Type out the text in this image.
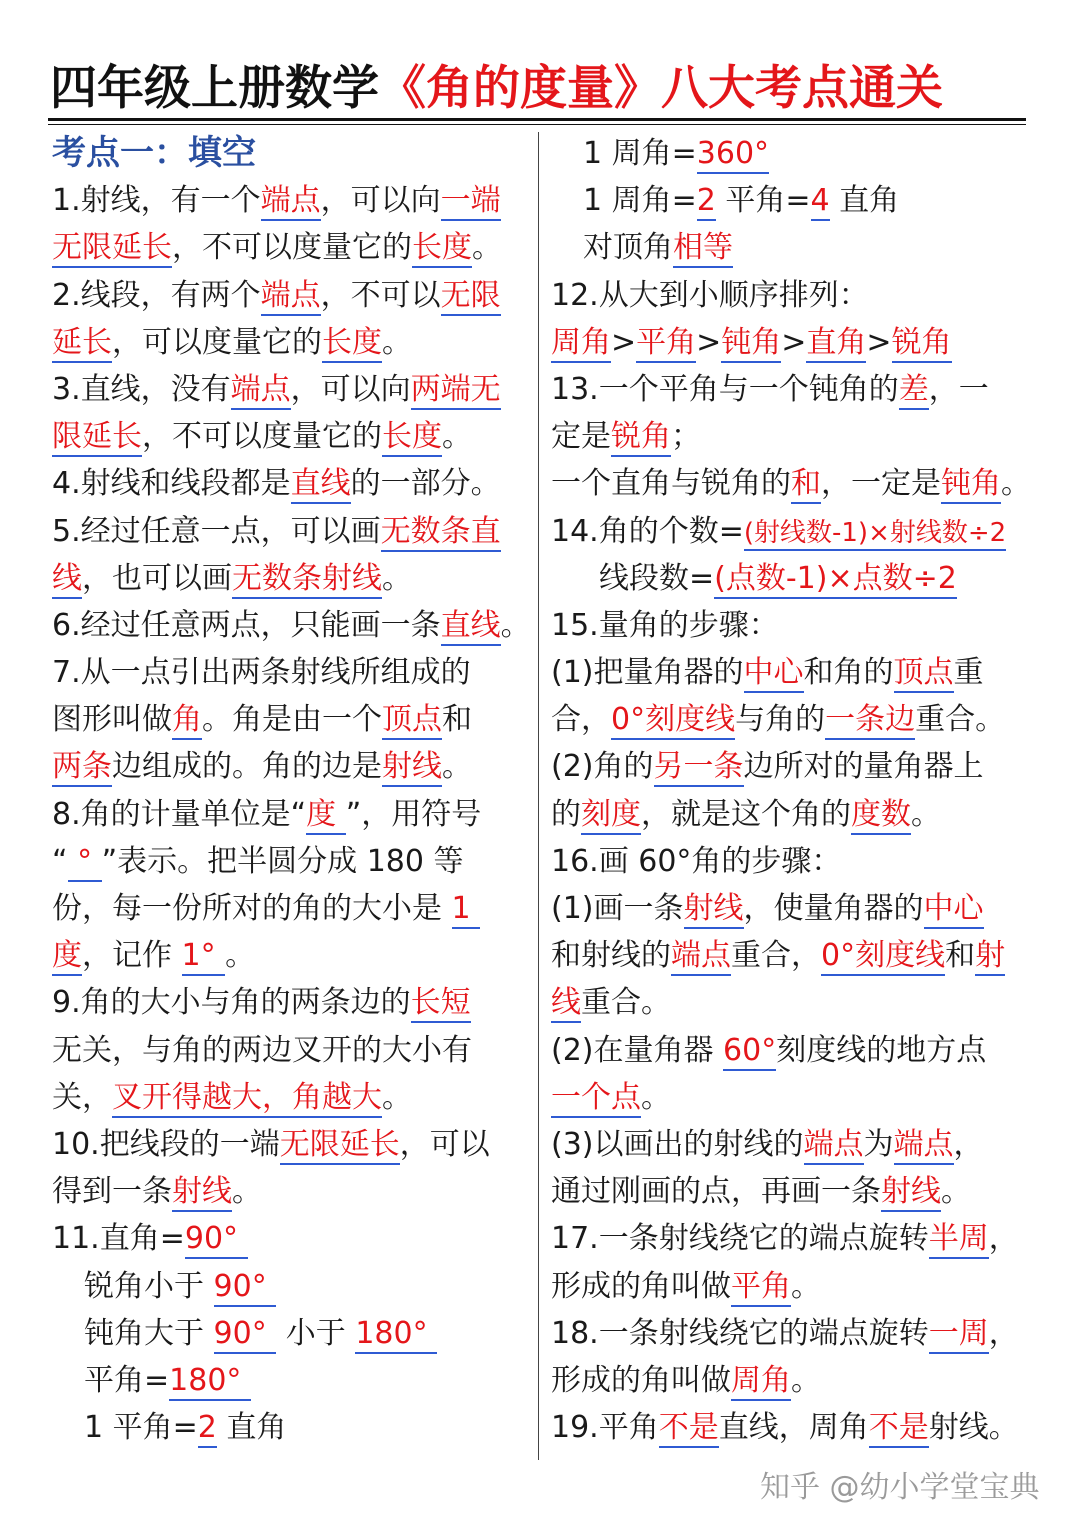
四年级上册数学《角的度量》八大考点通关
考点一：填空
1.射线，有一个端点，可以向一端
无限延长，不可以度量它的长度。
2.线段，有两个端点，不可以无限
延长，可以度量它的长度。
3.直线，没有端点，可以向两端无
限延长，不可以度量它的长度。
4.射线和线段都是直线的一部分。
5.经过任意一点，可以画无数条直
线，也可以画无数条射线。
6.经过任意两点，只能画一条直线。
7.从一点引出两条射线所组成的
图形叫做角。角是由一个顶点和
两条边组成的。角的边是射线。
8.角的计量单位是“度 ”，用符号
“ ° ”表示。把半圆分成 180 等
份，每一份所对的角的大小是 1
度，记作 1° 。
9.角的大小与角的两条边的长短
无关，与角的两边叉开的大小有
关，叉开得越大，角越大。
10.把线段的一端无限延长，可以
得到一条射线。
11.直角=90°
锐角小于 90°
钝角大于 90°  小于 180°
平角=180°
1 平角=2 直角
1 周角=360°
1 周角=2 平角=4 直角
对顶角相等
12.从大到小顺序排列：
周角>平角>钝角>直角>锐角
13.一个平角与一个钝角的差，一
定是锐角；
一个直角与锐角的和，一定是钝角。
14.角的个数=(射线数-1)×射线数÷2
线段数=(点数-1)×点数÷2
15.量角的步骤：
(1)把量角器的中心和角的顶点重
合，0°刻度线与角的一条边重合。
(2)角的另一条边所对的量角器上
的刻度，就是这个角的度数。
16.画 60°角的步骤：
(1)画一条射线，使量角器的中心
和射线的端点重合，0°刻度线和射
线重合。
(2)在量角器 60°刻度线的地方点
一个点。
(3)以画出的射线的端点为端点，
通过刚画的点，再画一条射线。
17.一条射线绕它的端点旋转半周，
形成的角叫做平角。
18.一条射线绕它的端点旋转一周，
形成的角叫做周角。
19.平角不是直线，周角不是射线。
知乎 @幼小学堂宝典
